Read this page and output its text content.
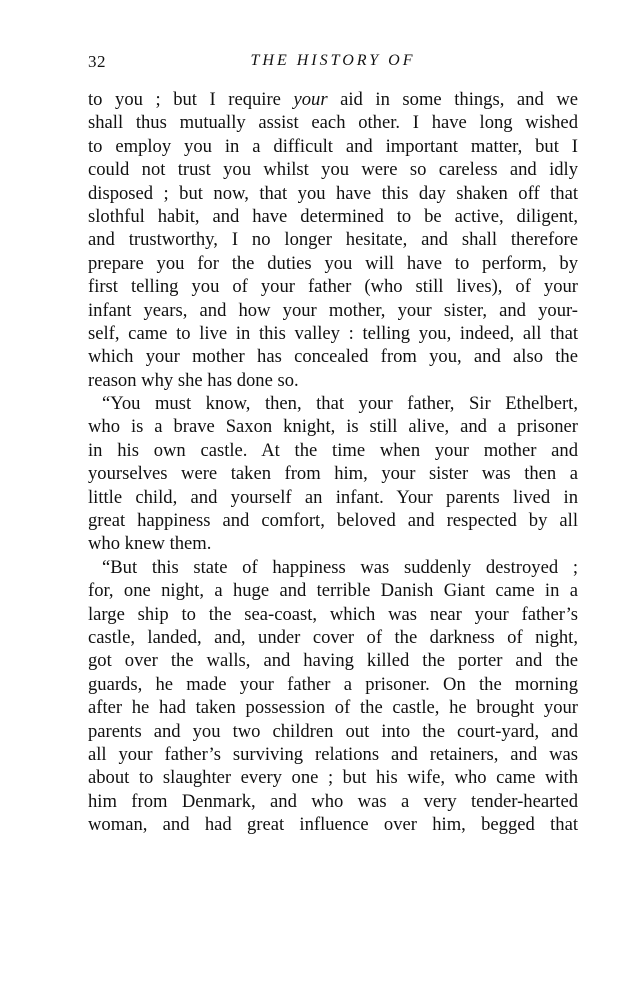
32	THE HISTORY OF
to you ; but I require your aid in some things, and we
shall thus mutually assist each other. I have long wished
to employ you in a difficult and important matter, but I
could not trust you whilst you were so careless and idly
disposed ; but now, that you have this day shaken off that
slothful habit, and have determined to be active, diligent,
and trustworthy, I no longer hesitate, and shall therefore
prepare you for the duties you will have to perform, by
first telling you of your father (who still lives), of your
infant years, and how your mother, your sister, and your-
self, came to live in this valley : telling you, indeed, all that
which your mother has concealed from you, and also the
reason why she has done so.
“You must know, then, that your father, Sir Ethelbert,
who is a brave Saxon knight, is still alive, and a prisoner
in his own castle. At the time when your mother and
yourselves were taken from him, your sister was then a
little child, and yourself an infant. Your parents lived in
great happiness and comfort, beloved and respected by all
who knew them.
“But this state of happiness was suddenly destroyed ;
for, one night, a huge and terrible Danish Giant came in a
large ship to the sea-coast, which was near your father’s
castle, landed, and, under cover of the darkness of night,
got over the walls, and having killed the porter and the
guards, he made your father a prisoner. On the morning
after he had taken possession of the castle, he brought your
parents and you two children out into the court-yard, and
all your father’s surviving relations and retainers, and was
about to slaughter every one ; but his wife, who came with
him from Denmark, and who was a very tender-hearted
woman, and had great influence over him, begged that
